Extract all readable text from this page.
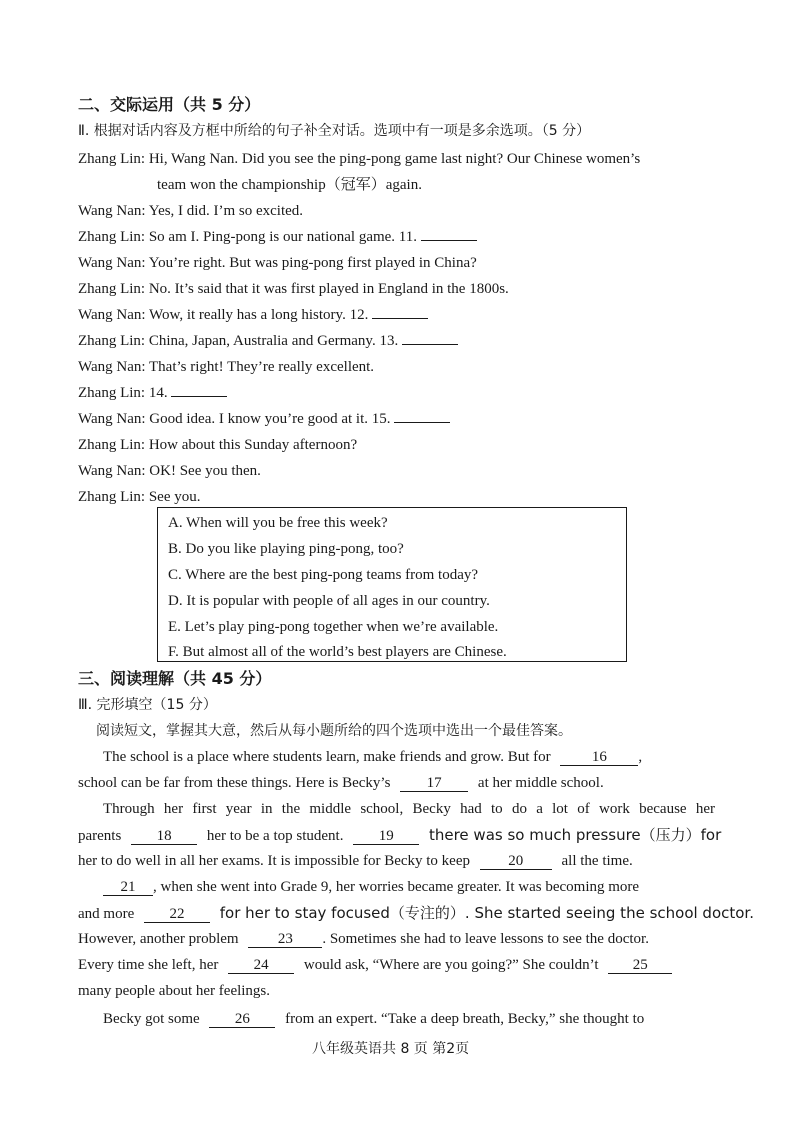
二、交际运用（共 5 分）
Ⅱ. 根据对话内容及方框中所给的句子补全对话。选项中有一项是多余选项。（5 分）
Zhang Lin: Hi, Wang Nan. Did you see the ping-pong game last night? Our Chinese women’s
team won the championship（冠军）again.
Wang Nan: Yes, I did. I’m so excited.
Zhang Lin: So am I. Ping-pong is our national game. 11.
Wang Nan: You’re right. But was ping-pong first played in China?
Zhang Lin: No. It’s said that it was first played in England in the 1800s.
Wang Nan: Wow, it really has a long history. 12.
Zhang Lin: China, Japan, Australia and Germany. 13.
Wang Nan: That’s right! They’re really excellent.
Zhang Lin: 14.
Wang Nan: Good idea. I know you’re good at it. 15.
Zhang Lin: How about this Sunday afternoon?
Wang Nan: OK! See you then.
Zhang Lin: See you.
A. When will you be free this week?
B. Do you like playing ping-pong, too?
C. Where are the best ping-pong teams from today?
D. It is popular with people of all ages in our country.
E. Let’s play ping-pong together when we’re available.
F. But almost all of the world’s best players are Chinese.
三、阅读理解（共 45 分）
Ⅲ. 完形填空（15 分）
阅读短文，掌握其大意，然后从每小题所给的四个选项中选出一个最佳答案。
The school is a place where students learn, make friends and grow. But for	16 ,
school can be far from these things. Here is Becky’s 17 at her middle school.
Through her first year in the middle school, Becky had to do a lot of work because her
parents 18 her to be a top student. 19 there was so much pressure（压力）for
her to do well in all her exams. It is impossible for Becky to keep	20	all the time.
21 , when she went into Grade 9, her worries became greater. It was becoming more
and more 22 for her to stay focused（专注的）. She started seeing the school doctor.
However, another problem	23 . Sometimes she had to leave lessons to see the doctor.
Every time she left, her 24 would ask, “Where are you going?” She couldn’t 25
many people about her feelings.
Becky got some 26 from an expert. “Take a deep breath, Becky,” she thought to
八年级英语共 8 页 第2页
